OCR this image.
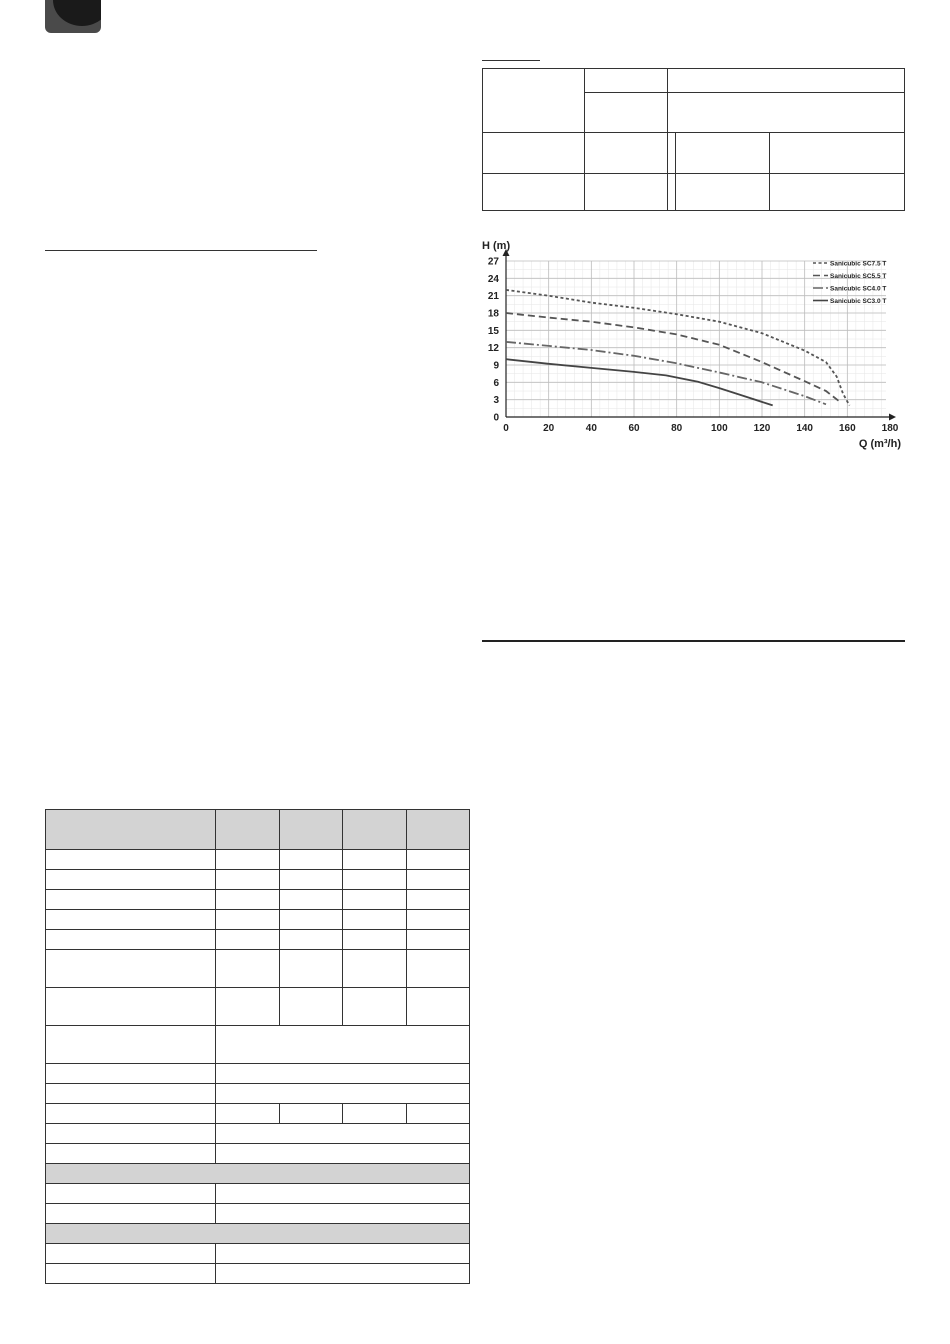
0	20	40	60	80	100	120	140	160	180
0
3
6
9
12
15
18
21
24
27
H (m)
Q (m³/h)
Sanicubic SC7.5 T
Sanicubic SC5.5 T
Sanicubic SC4.0 T
Sanicubic SC3.0 T
